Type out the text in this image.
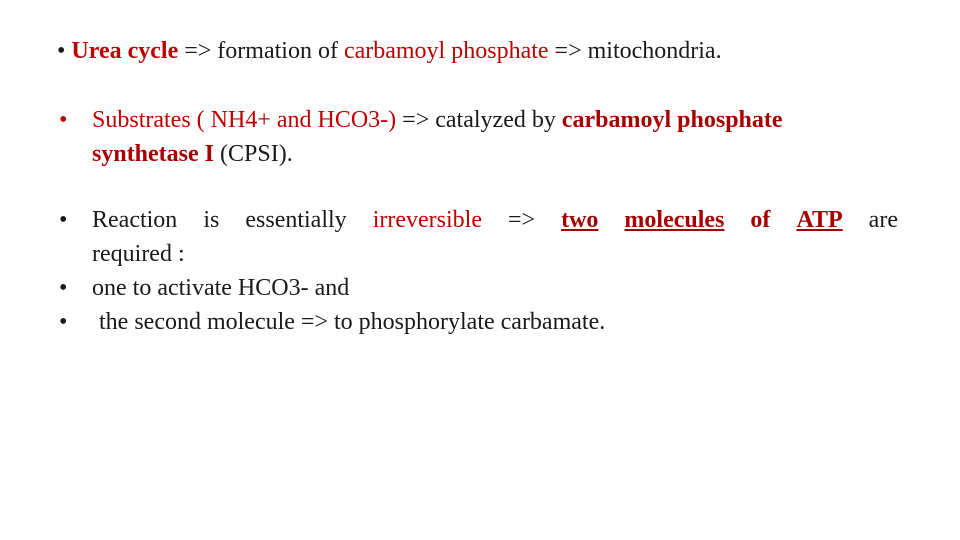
• Urea cycle => formation of carbamoyl phosphate => mitochondria.
• Substrates ( NH4+ and HCO3-) => catalyzed by carbamoyl phosphate
synthetase I (CPSI).
• Reaction is essentially irreversible => two molecules of ATP are
required :
• one to activate HCO3- and
• the second molecule => to phosphorylate carbamate.
